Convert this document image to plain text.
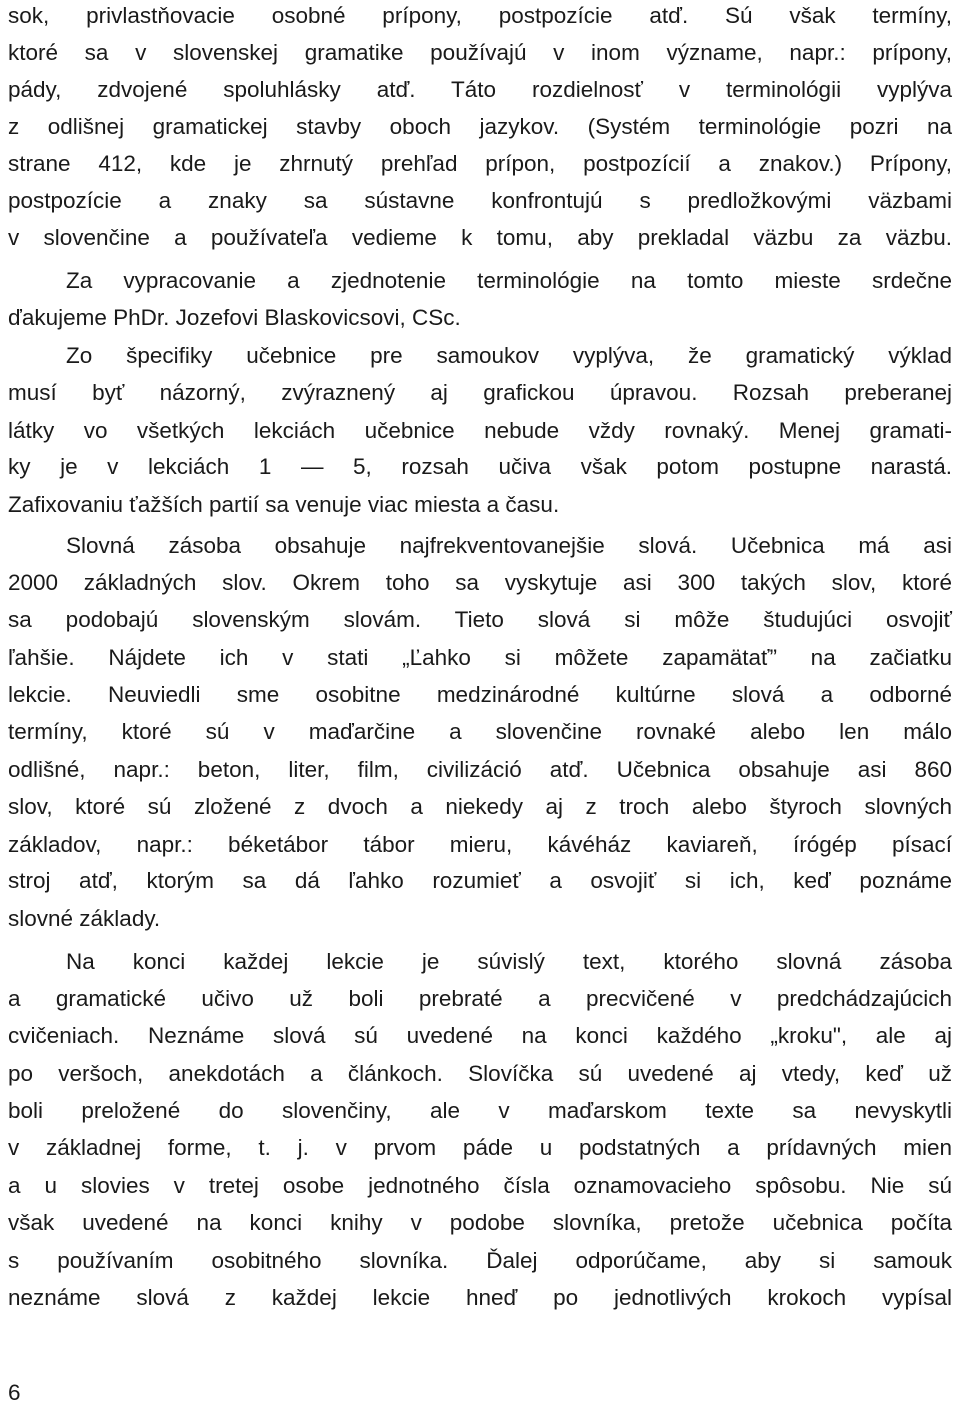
sok, privlastňovacie osobné prípony, postpozície atď. Sú však termíny,
ktoré sa v slovenskej gramatike používajú v inom význame, napr.: prípony,
pády, zdvojené spoluhlásky atď. Táto rozdielnosť v terminológii vyplýva
z odlišnej gramatickej stavby oboch jazykov. (Systém terminológie pozri na
strane 412, kde je zhrnutý prehľad prípon, postpozícií a znakov.) Prípony,
postpozície a znaky sa sústavne konfrontujú s predložkovými väzbami
v slovenčine a používateľa vedieme k tomu, aby prekladal väzbu za väzbu.
Za vypracovanie a zjednotenie terminológie na tomto mieste srdečne
ďakujeme PhDr. Jozefovi Blaskovicsovi, CSc.
Zo špecifiky učebnice pre samoukov vyplýva, že gramatický výklad
musí byť názorný, zvýraznený aj grafickou úpravou. Rozsah preberanej
látky vo všetkých lekciách učebnice nebude vždy rovnaký. Menej gramati-
ky je v lekciách 1 — 5, rozsah učiva však potom postupne narastá.
Zafixovaniu ťažších partií sa venuje viac miesta a času.
Slovná zásoba obsahuje najfrekventovanejšie slová. Učebnica má asi
2000 základných slov. Okrem toho sa vyskytuje asi 300 takých slov, ktoré
sa podobajú slovenským slovám. Tieto slová si môže študujúci osvojiť
ľahšie. Nájdete ich v stati „Ľahko si môžete zapamätať” na začiatku
lekcie. Neuviedli sme osobitne medzinárodné kultúrne slová a odborné
termíny, ktoré sú v maďarčine a slovenčine rovnaké alebo len málo
odlišné, napr.: beton, liter, film, civilizáció atď. Učebnica obsahuje asi 860
slov, ktoré sú zložené z dvoch a niekedy aj z troch alebo štyroch slovných
základov, napr.: béketábor tábor mieru, kávéház kaviareň, írógép písací
stroj atď, ktorým sa dá ľahko rozumieť a osvojiť si ich, keď poznáme
slovné základy.
Na konci každej lekcie je súvislý text, ktorého slovná zásoba
a gramatické učivo už boli prebraté a precvičené v predchádzajúcich
cvičeniach. Neznáme slová sú uvedené na konci každého „kroku", ale aj
po veršoch, anekdotách a článkoch. Slovíčka sú uvedené aj vtedy, keď už
boli preložené do slovenčiny, ale v maďarskom texte sa nevyskytli
v základnej forme, t. j. v prvom páde u podstatných a prídavných mien
a u slovies v tretej osobe jednotného čísla oznamovacieho spôsobu. Nie sú
však uvedené na konci knihy v podobe slovníka, pretože učebnica počíta
s používaním osobitného slovníka. Ďalej odporúčame, aby si samouk
neznáme slová z každej lekcie hneď po jednotlivých krokoch vypísal
6
